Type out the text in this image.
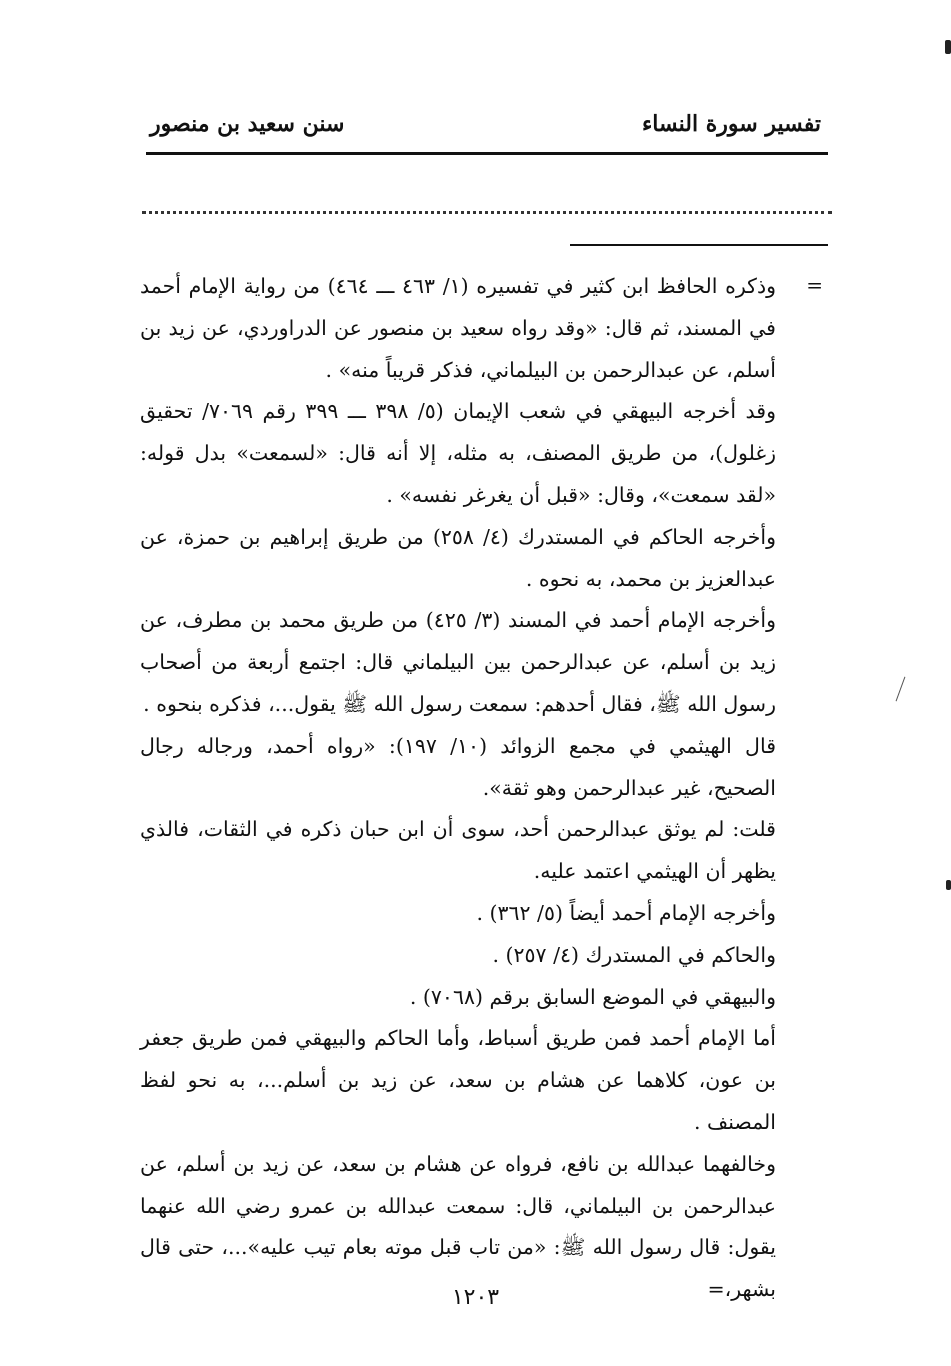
تفسير سورة النساء
سنن سعيد بن منصور
=

وذكره الحافظ ابن كثير في تفسيره (١/ ٤٦٣ ـــ ٤٦٤) من رواية الإمام أحمد في المسند، ثم قال: «وقد رواه سعيد بن منصور عن الدراوردي، عن زيد بن أسلم، عن عبدالرحمن بن البيلماني، فذكر قريباً منه» .

وقد أخرجه البيهقي في شعب الإيمان (٥/ ٣٩٨ ـــ ٣٩٩ رقم ٧٠٦٩/ تحقيق زغلول)، من طريق المصنف، به مثله، إلا أنه قال: «لسمعت» بدل قوله: «لقد سمعت»، وقال: «قبل أن يغرغر نفسه» .

وأخرجه الحاكم في المستدرك (٤/ ٢٥٨) من طريق إبراهيم بن حمزة، عن عبدالعزيز بن محمد، به نحوه .

وأخرجه الإمام أحمد في المسند (٣/ ٤٢٥) من طريق محمد بن مطرف، عن زيد بن أسلم، عن عبدالرحمن بين البيلماني قال: اجتمع أربعة من أصحاب رسول الله ﷺ، فقال أحدهم: سمعت رسول الله ﷺ يقول...، فذكره بنحوه .

قال الهيثمي في مجمع الزوائد (١٠/ ١٩٧): «رواه أحمد، ورجاله رجال الصحيح، غير عبدالرحمن وهو ثقة».

قلت: لم يوثق عبدالرحمن أحد، سوى أن ابن حبان ذكره في الثقات، فالذي يظهر أن الهيثمي اعتمد عليه.

وأخرجه الإمام أحمد أيضاً (٥/ ٣٦٢) .

والحاكم في المستدرك (٤/ ٢٥٧) .

والبيهقي في الموضع السابق برقم (٧٠٦٨) .

أما الإمام أحمد فمن طريق أسباط، وأما الحاكم والبيهقي فمن طريق جعفر بن عون، كلاهما عن هشام بن سعد، عن زيد بن أسلم...، به نحو لفظ المصنف .

وخالفهما عبدالله بن نافع، فرواه عن هشام بن سعد، عن زيد بن أسلم، عن عبدالرحمن بن البيلماني، قال: سمعت عبدالله بن عمرو رضي الله عنهما يقول: قال رسول الله ﷺ: «من تاب قبل موته بعام تيب عليه»...، حتى قال بشهر،=

١٢٠٣
